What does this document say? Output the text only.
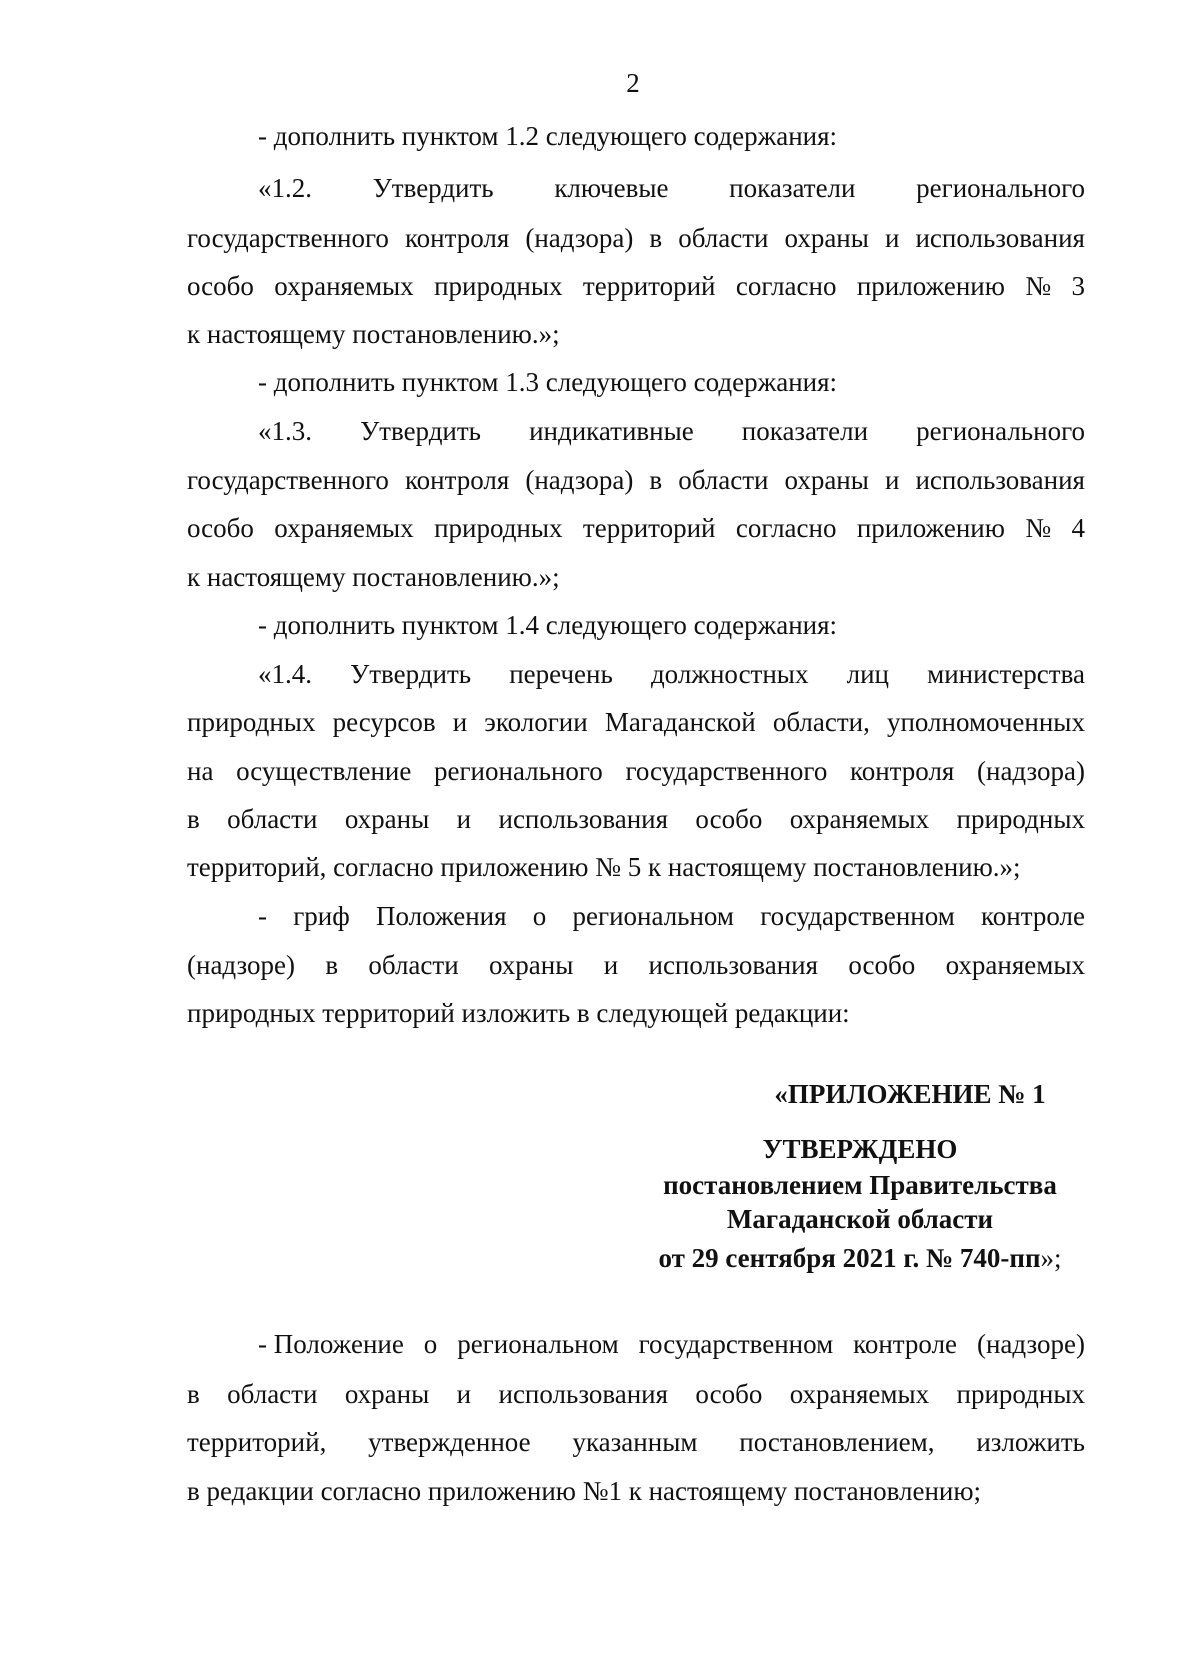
2
- дополнить пунктом 1.2 следующего содержания:
«1.2. Утвердить ключевые показатели регионального
государственного контроля (надзора) в области охраны и использования
особо охраняемых природных территорий согласно приложению № 3
к настоящему постановлению.»;
- дополнить пунктом 1.3 следующего содержания:
«1.3. Утвердить индикативные показатели регионального
государственного контроля (надзора) в области охраны и использования
особо охраняемых природных территорий согласно приложению № 4
к настоящему постановлению.»;
- дополнить пунктом 1.4 следующего содержания:
«1.4. Утвердить перечень должностных лиц министерства
природных ресурсов и экологии Магаданской области, уполномоченных
на осуществление регионального государственного контроля (надзора)
в области охраны и использования особо охраняемых природных
территорий, согласно приложению № 5 к настоящему постановлению.»;
- гриф Положения о региональном государственном контроле
(надзоре) в области охраны и использования особо охраняемых
природных территорий изложить в следующей редакции:
«ПРИЛОЖЕНИЕ № 1
УТВЕРЖДЕНО
постановлением Правительства
Магаданской области
от 29 сентября 2021 г. № 740-пп»;
- Положение о региональном государственном контроле (надзоре)
в области охраны и использования особо охраняемых природных
территорий, утвержденное указанным постановлением, изложить
в редакции согласно приложению №1 к настоящему постановлению;
